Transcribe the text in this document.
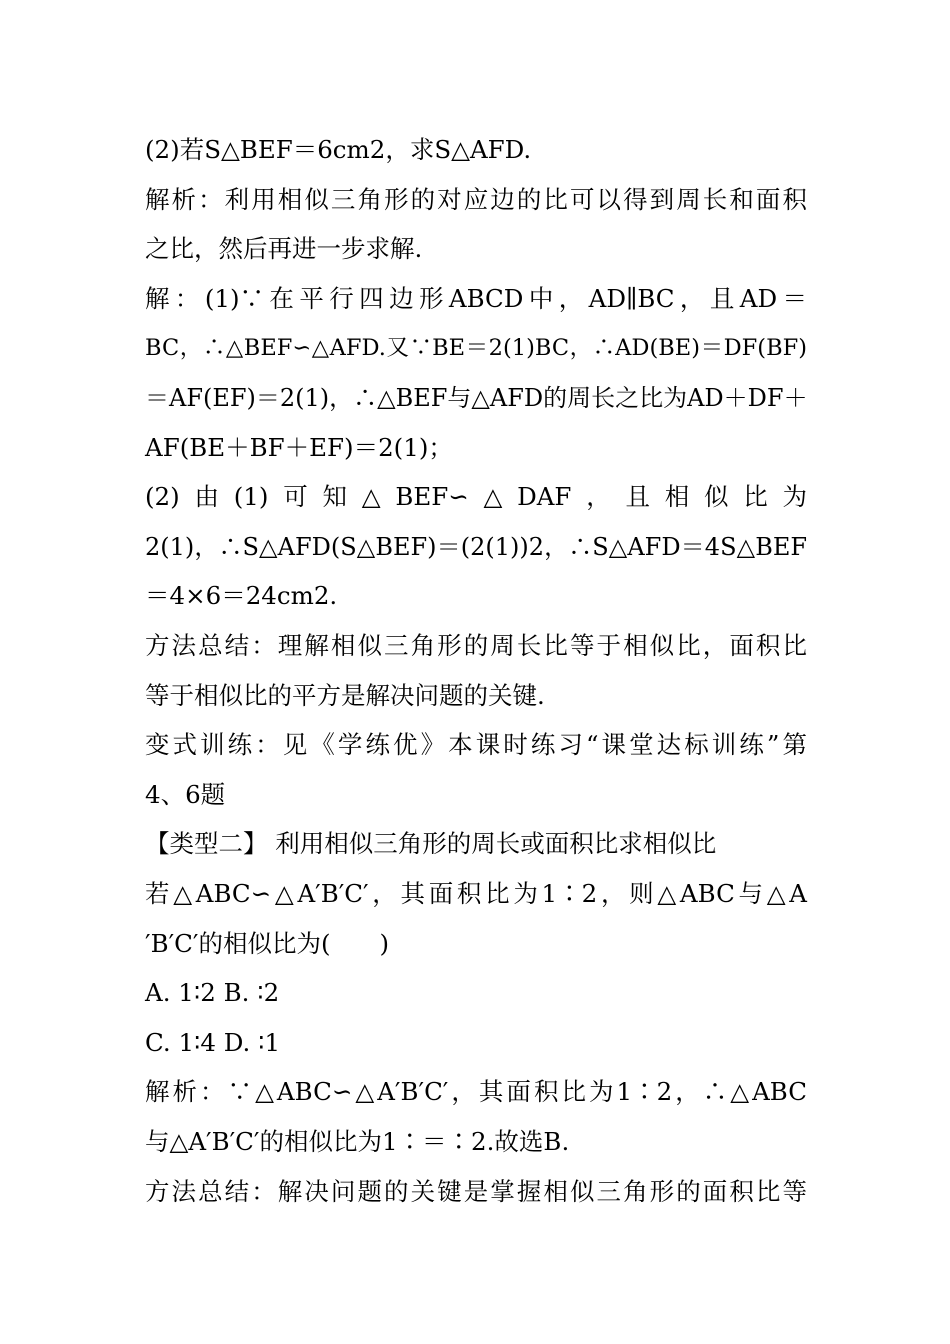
(2)若S△BEF＝6cm2，求S△AFD.
解析：利用相似三角形的对应边的比可以得到周长和面积
之比，然后再进一步求解.
解：(1)∵在平行四边形ABCD中，AD∥BC，且AD＝
BC，∴△BEF∽△AFD.又∵BE＝2(1)BC，∴AD(BE)＝DF(BF)
＝AF(EF)＝2(1)，∴△BEF与△AFD的周长之比为AD＋DF＋
AF(BE＋BF＋EF)＝2(1)；
(2)由(1)可知△BEF∽△DAF，且相似比为
2(1)，∴S△AFD(S△BEF)＝(2(1))2，∴S△AFD＝4S△BEF
＝4×6＝24cm2.
方法总结：理解相似三角形的周长比等于相似比，面积比
等于相似比的平方是解决问题的关键.
变式训练：见《学练优》本课时练习“课堂达标训练”第
4、6题
【类型二】 利用相似三角形的周长或面积比求相似比
若△ABC∽△A′B′C′，其面积比为1∶2，则△ABC与△A
′B′C′的相似比为(　　)
A. 1∶2 B. ∶2
C. 1∶4 D. ∶1
解析：∵△ABC∽△A′B′C′，其面积比为1∶2，∴△ABC
与△A′B′C′的相似比为1∶＝∶2.故选B.
方法总结：解决问题的关键是掌握相似三角形的面积比等
